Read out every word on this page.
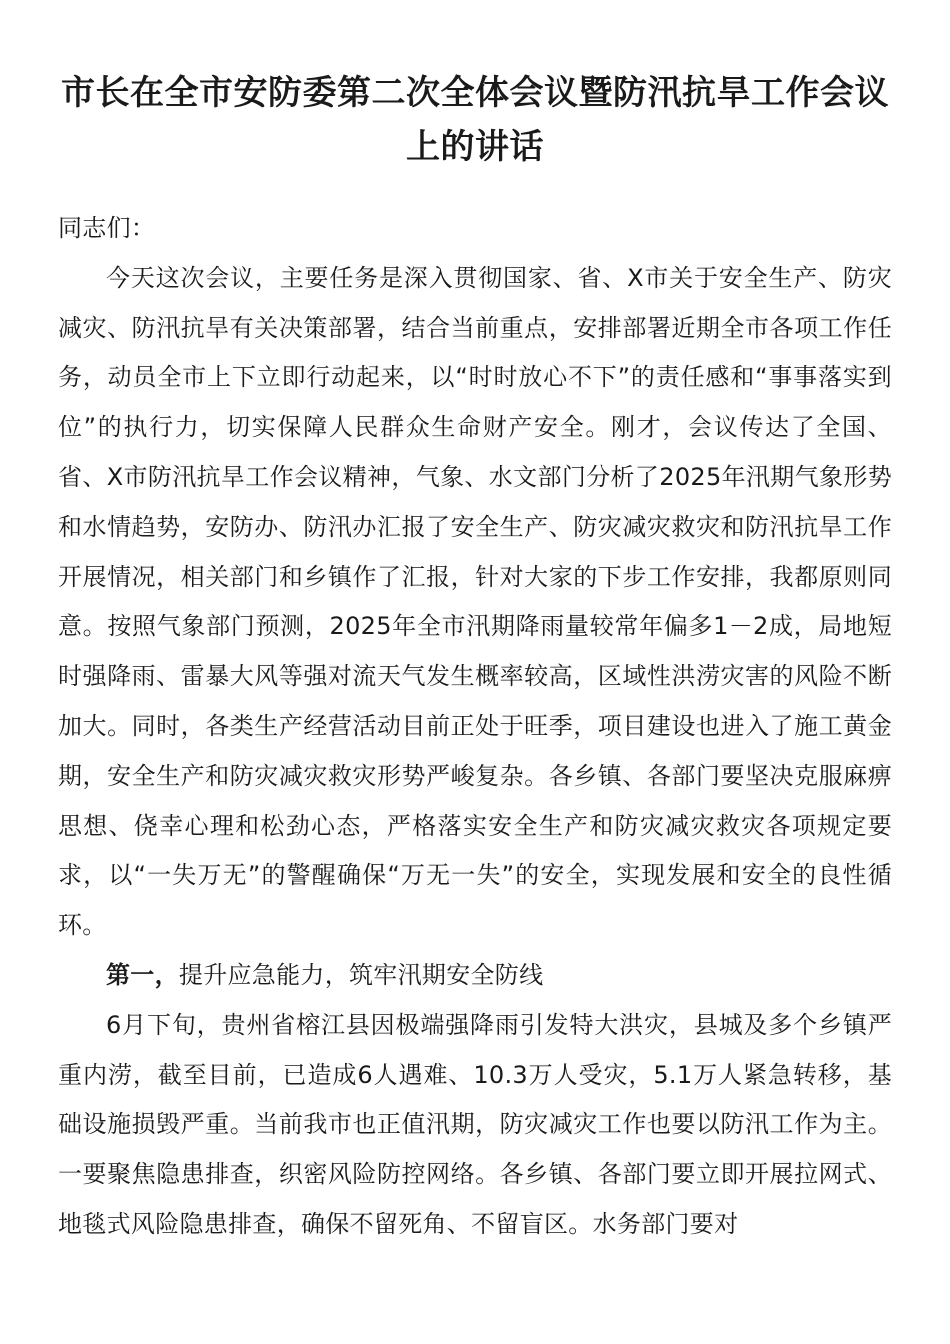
市长在全市安防委第二次全体会议暨防汛抗旱工作会议上的讲话

同志们：

今天这次会议，主要任务是深入贯彻国家、省、X市关于安全生产、防灾减灾、防汛抗旱有关决策部署，结合当前重点，安排部署近期全市各项工作任务，动员全市上下立即行动起来，以“时时放心不下”的责任感和“事事落实到位”的执行力，切实保障人民群众生命财产安全。刚才，会议传达了全国、省、X市防汛抗旱工作会议精神，气象、水文部门分析了2025年汛期气象形势和水情趋势，安防办、防汛办汇报了安全生产、防灾减灾救灾和防汛抗旱工作开展情况，相关部门和乡镇作了汇报，针对大家的下步工作安排，我都原则同意。按照气象部门预测，2025年全市汛期降雨量较常年偏多1－2成，局地短时强降雨、雷暴大风等强对流天气发生概率较高，区域性洪涝灾害的风险不断加大。同时，各类生产经营活动目前正处于旺季，项目建设也进入了施工黄金期，安全生产和防灾减灾救灾形势严峻复杂。各乡镇、各部门要坚决克服麻痹思想、侥幸心理和松劲心态，严格落实安全生产和防灾减灾救灾各项规定要求，以“一失万无”的警醒确保“万无一失”的安全，实现发展和安全的良性循环。

第一，提升应急能力，筑牢汛期安全防线

6月下旬，贵州省榕江县因极端强降雨引发特大洪灾，县城及多个乡镇严重内涝，截至目前，已造成6人遇难、10.3万人受灾，5.1万人紧急转移，基础设施损毁严重。当前我市也正值汛期，防灾减灾工作也要以防汛工作为主。一要聚焦隐患排查，织密风险防控网络。各乡镇、各部门要立即开展拉网式、地毯式风险隐患排查，确保不留死角、不留盲区。水务部门要对
